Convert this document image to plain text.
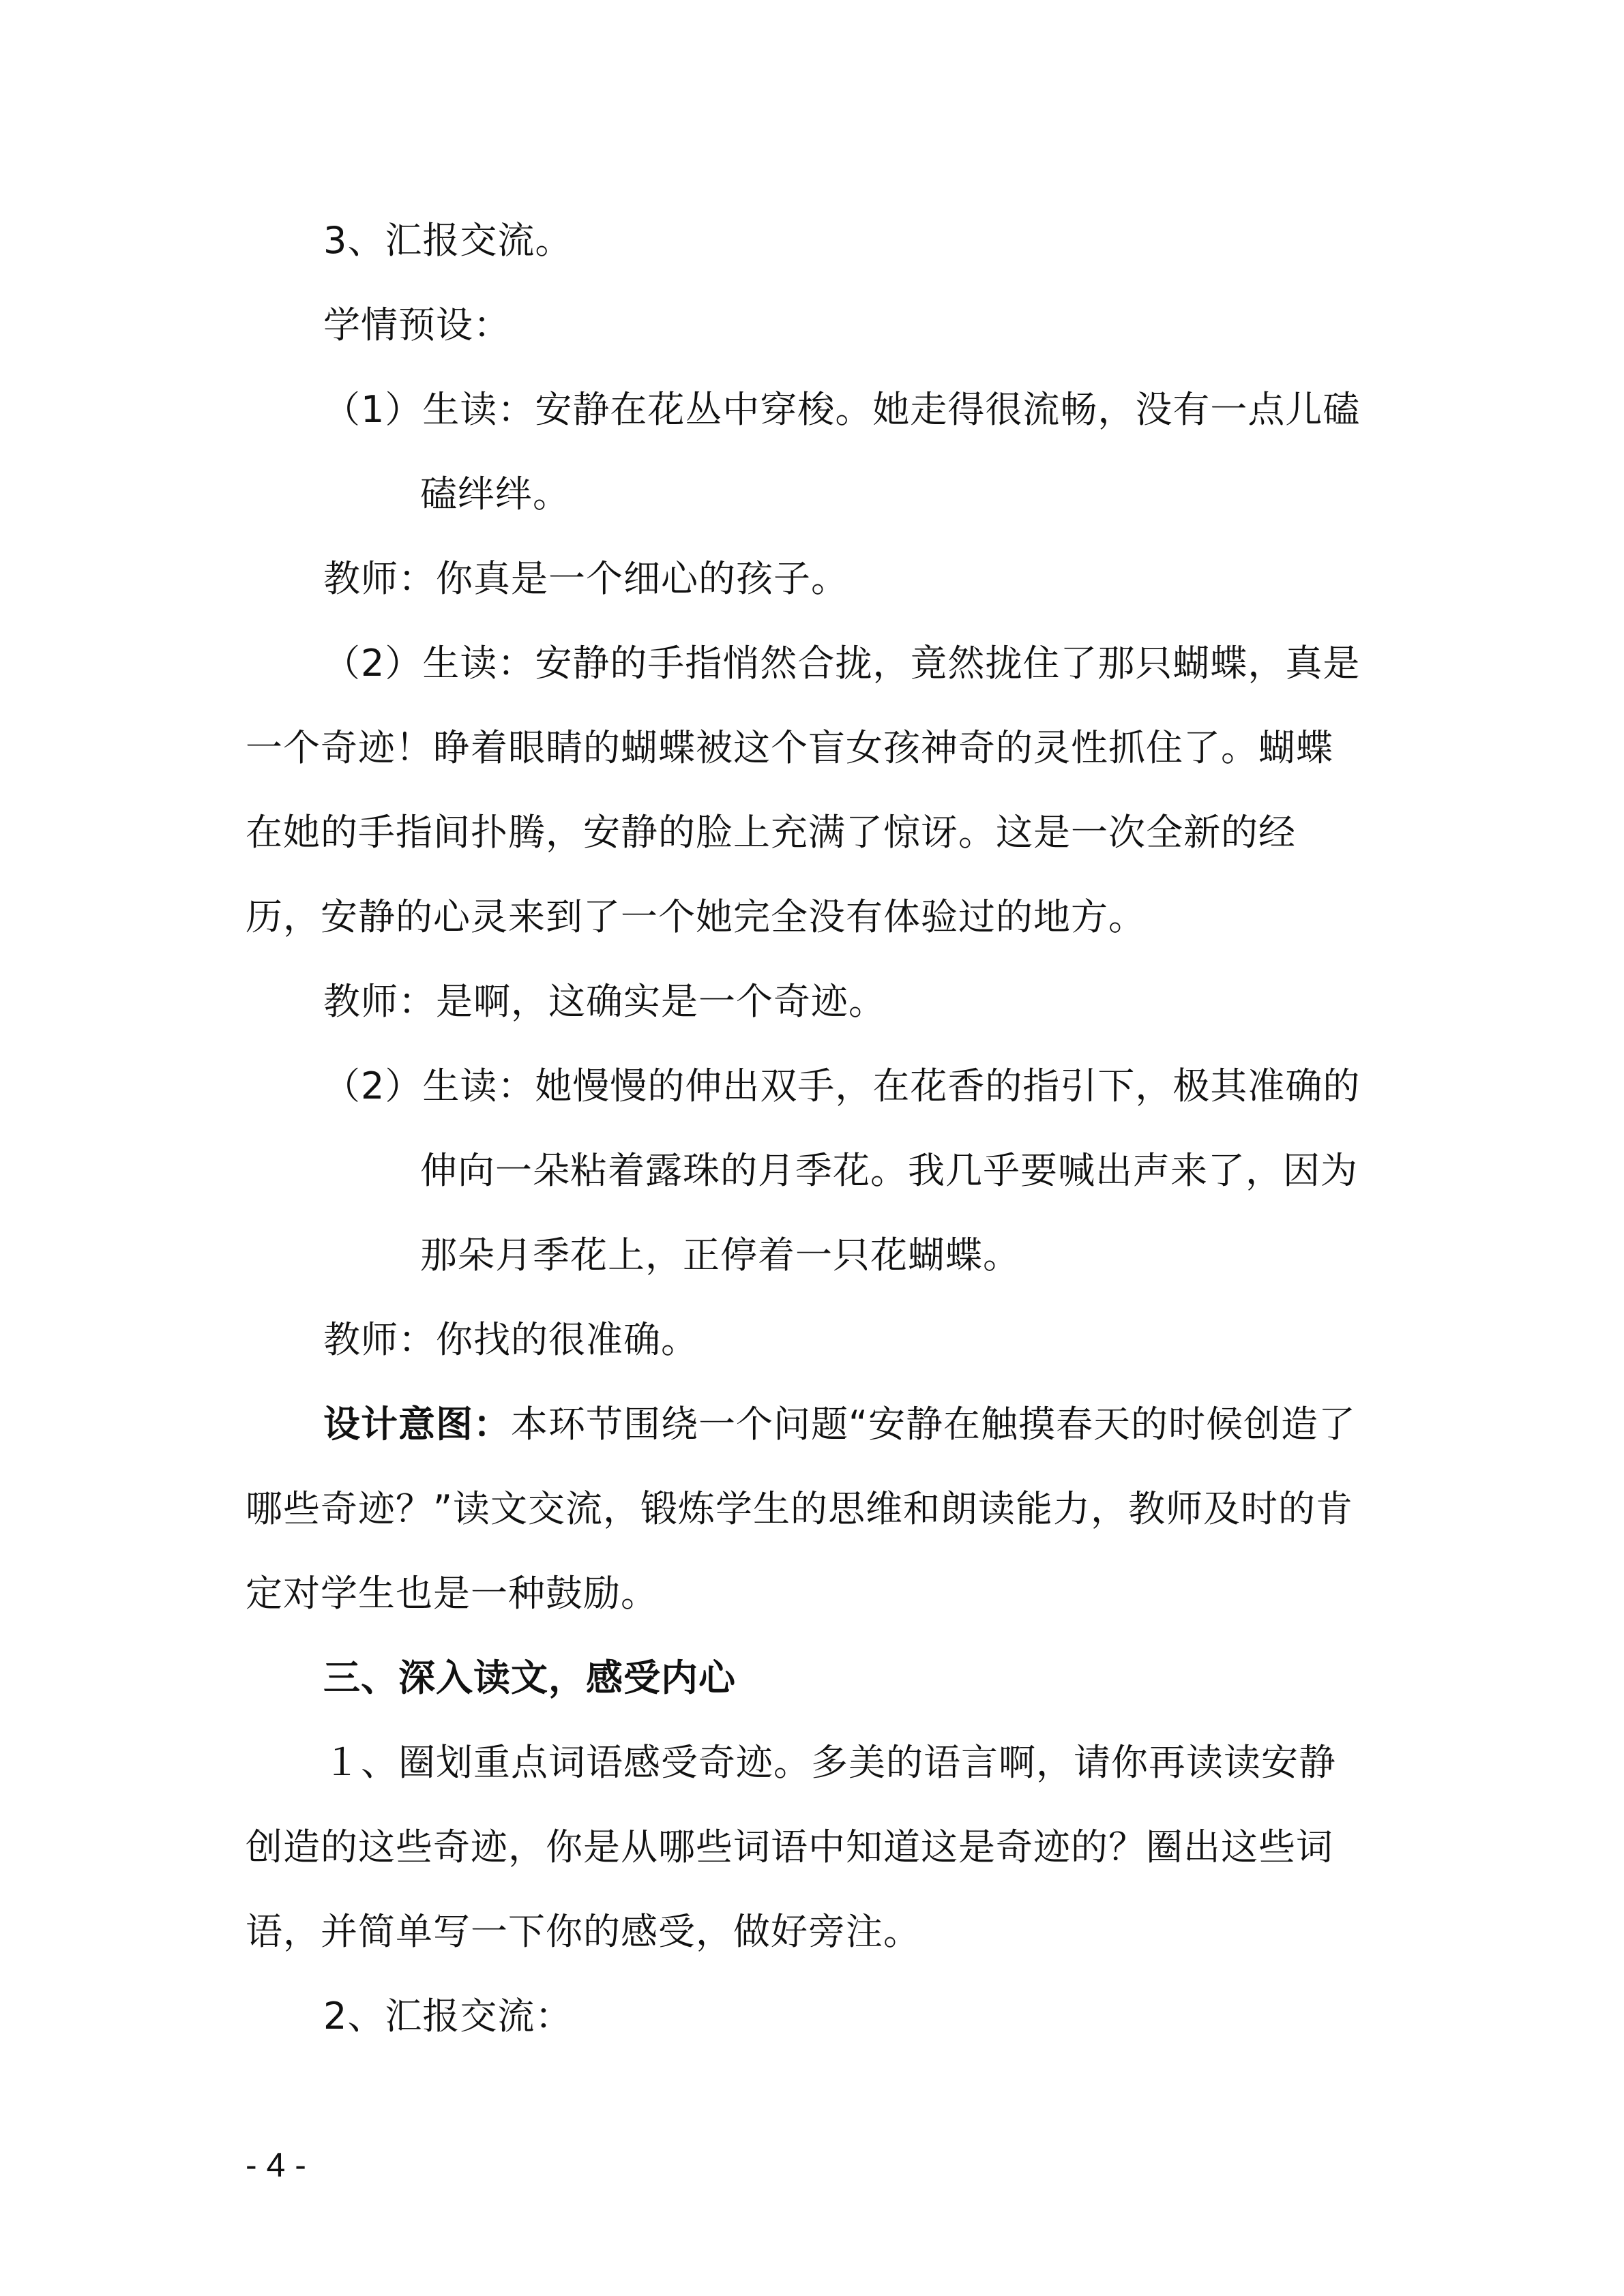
3、汇报交流。
学情预设：
（1）生读：安静在花丛中穿梭。她走得很流畅，没有一点儿磕
磕绊绊。
教师：你真是一个细心的孩子。
（2）生读：安静的手指悄然合拢，竟然拢住了那只蝴蝶，真是
一个奇迹！睁着眼睛的蝴蝶被这个盲女孩神奇的灵性抓住了。蝴蝶
在她的手指间扑腾，安静的脸上充满了惊讶。这是一次全新的经
历，安静的心灵来到了一个她完全没有体验过的地方。
教师：是啊，这确实是一个奇迹。
（2）生读：她慢慢的伸出双手，在花香的指引下，极其准确的
伸向一朵粘着露珠的月季花。我几乎要喊出声来了，因为
那朵月季花上，正停着一只花蝴蝶。
教师：你找的很准确。
设计意图：本环节围绕一个问题“安静在触摸春天的时候创造了
哪些奇迹？”读文交流，锻炼学生的思维和朗读能力，教师及时的肯
定对学生也是一种鼓励。
三、深入读文，感受内心
１、圈划重点词语感受奇迹。多美的语言啊，请你再读读安静
创造的这些奇迹，你是从哪些词语中知道这是奇迹的？圈出这些词
语，并简单写一下你的感受，做好旁注。
2、汇报交流：
- 4 -
